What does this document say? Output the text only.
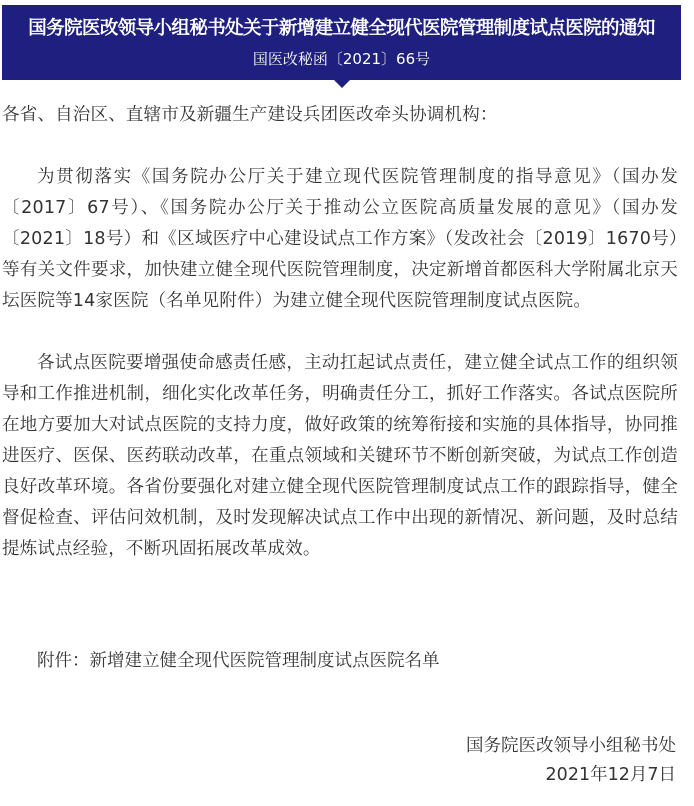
国务院医改领导小组秘书处关于新增建立健全现代医院管理制度试点医院的通知
国医改秘函〔2021〕66号

各省、自治区、直辖市及新疆生产建设兵团医改牵头协调机构：

为贯彻落实《国务院办公厅关于建立现代医院管理制度的指导意见》（国办发〔2017〕67号）、《国务院办公厅关于推动公立医院高质量发展的意见》（国办发〔2021〕18号）和《区域医疗中心建设试点工作方案》（发改社会〔2019〕1670号）等有关文件要求，加快建立健全现代医院管理制度，决定新增首都医科大学附属北京天坛医院等14家医院（名单见附件）为建立健全现代医院管理制度试点医院。

各试点医院要增强使命感责任感，主动扛起试点责任，建立健全试点工作的组织领导和工作推进机制，细化实化改革任务，明确责任分工，抓好工作落实。各试点医院所在地方要加大对试点医院的支持力度，做好政策的统筹衔接和实施的具体指导，协同推进医疗、医保、医药联动改革，在重点领域和关键环节不断创新突破，为试点工作创造良好改革环境。各省份要强化对建立健全现代医院管理制度试点工作的跟踪指导，健全督促检查、评估问效机制，及时发现解决试点工作中出现的新情况、新问题，及时总结提炼试点经验，不断巩固拓展改革成效。

附件：新增建立健全现代医院管理制度试点医院名单
国务院医改领导小组秘书处
2021年12月7日
